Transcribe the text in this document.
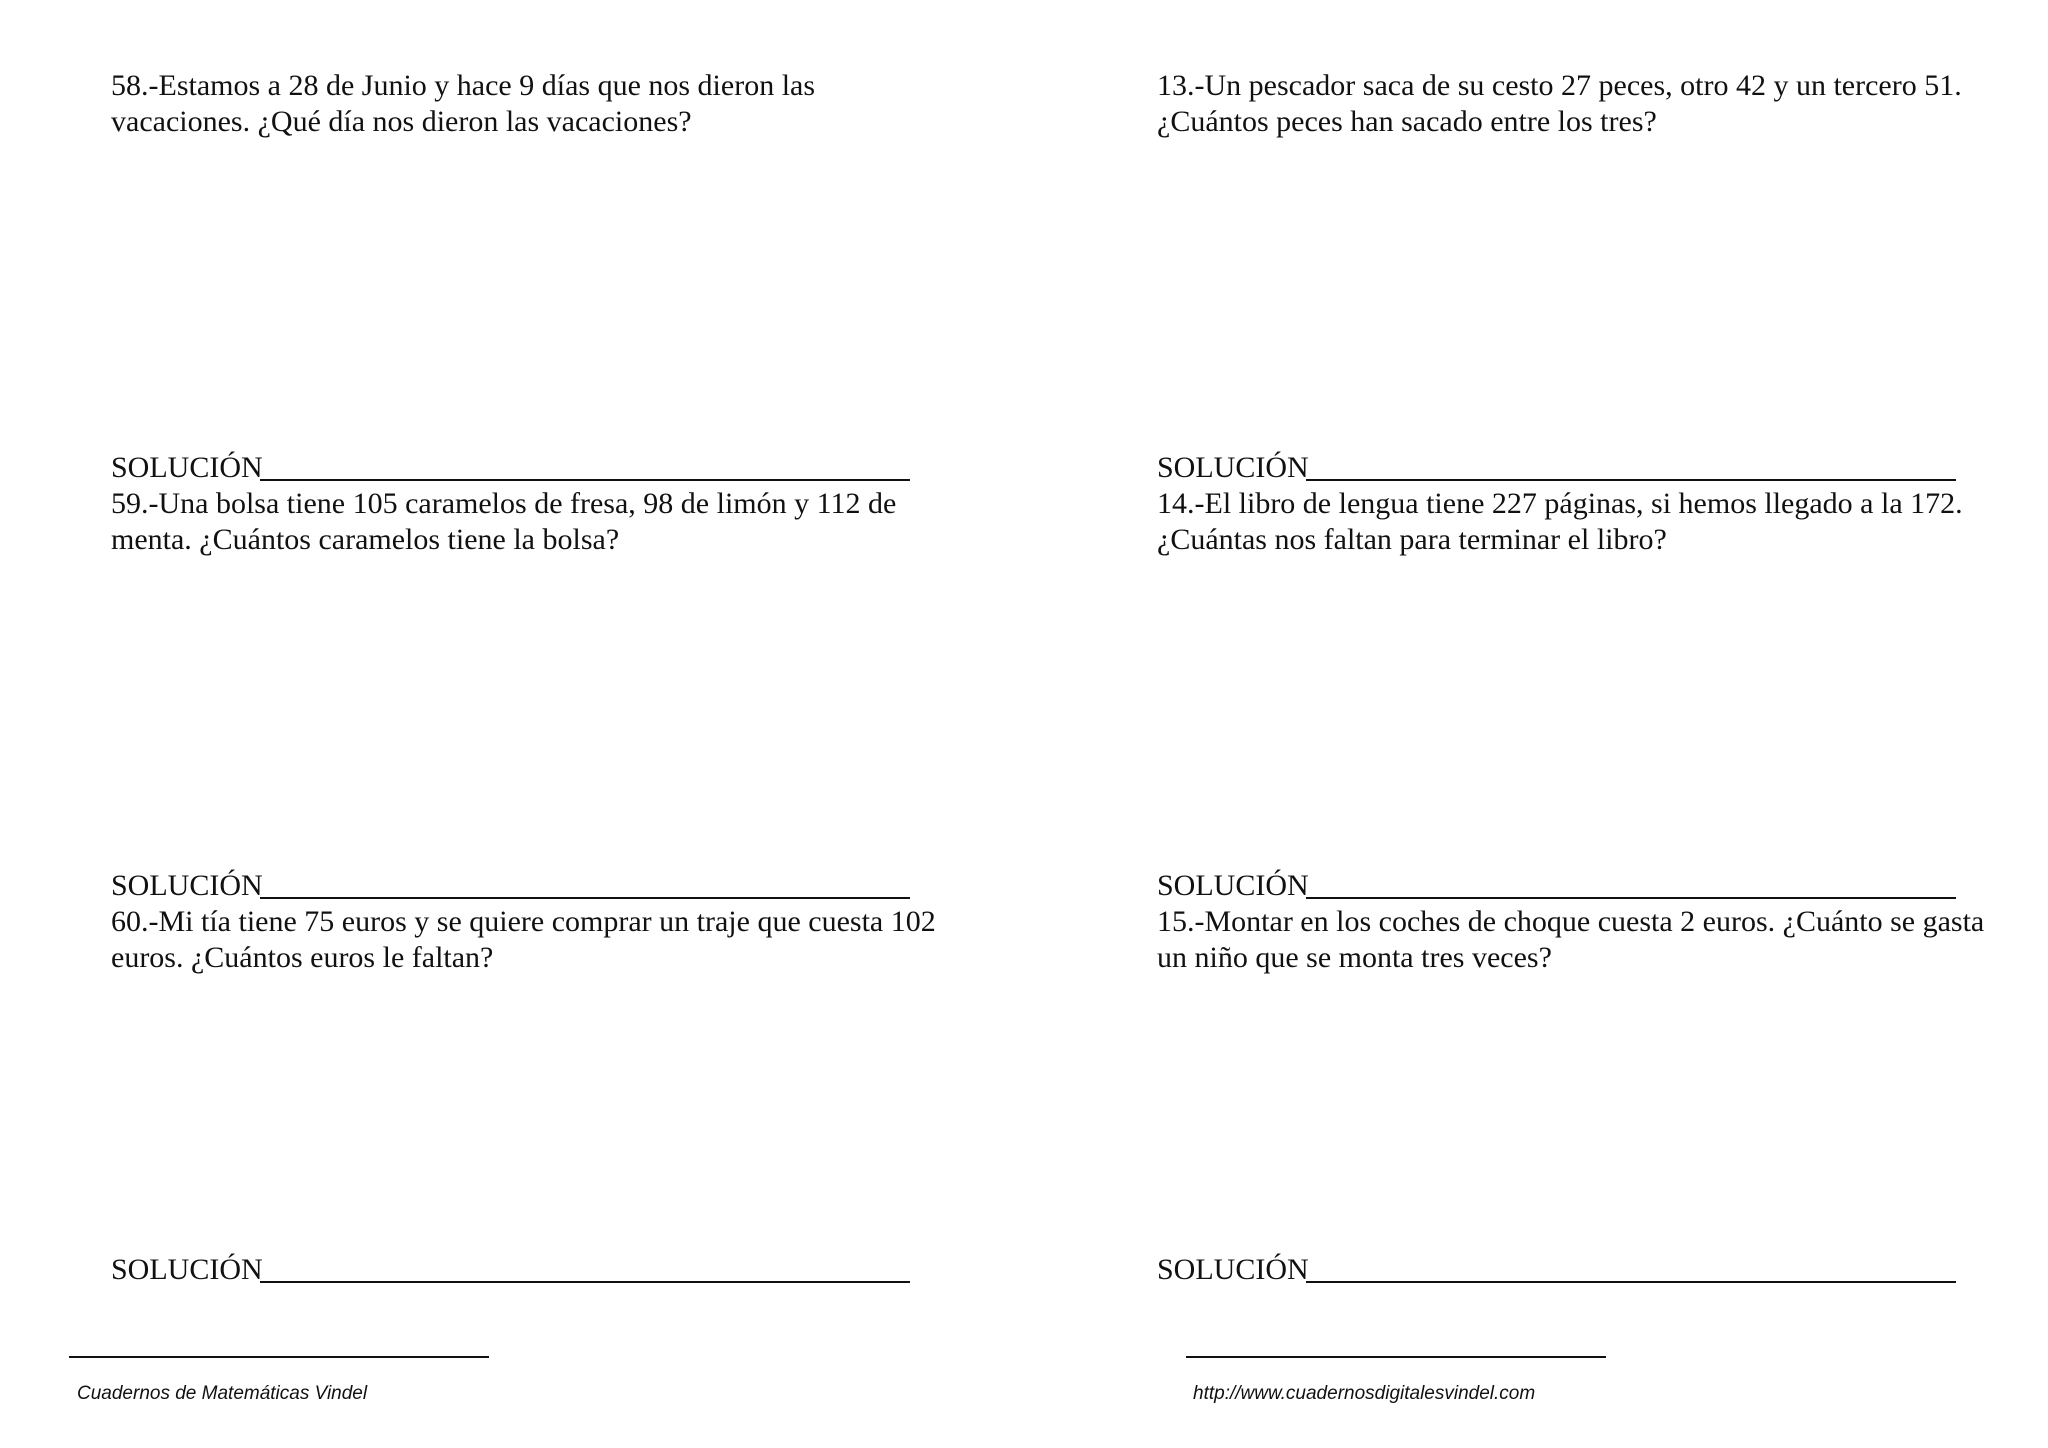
58.-Estamos a 28 de Junio y hace 9 días que nos dieron las
vacaciones. ¿Qué día nos dieron las vacaciones?
SOLUCIÓN
59.-Una bolsa tiene 105 caramelos de fresa, 98 de limón y 112 de
menta. ¿Cuántos caramelos tiene la bolsa?
SOLUCIÓN
60.-Mi tía tiene 75 euros y se quiere comprar un traje que cuesta 102
euros. ¿Cuántos euros le faltan?
SOLUCIÓN
13.-Un pescador saca de su cesto 27 peces, otro 42 y un tercero 51.
¿Cuántos peces han sacado entre los tres?
SOLUCIÓN
14.-El libro de lengua tiene 227 páginas, si hemos llegado a la 172.
¿Cuántas nos faltan para terminar el libro?
SOLUCIÓN
15.-Montar en los coches de choque cuesta 2 euros. ¿Cuánto se gasta
un niño que se monta tres veces?
SOLUCIÓN
Cuadernos de Matemáticas Vindel	http://www.cuadernosdigitalesvindel.com
